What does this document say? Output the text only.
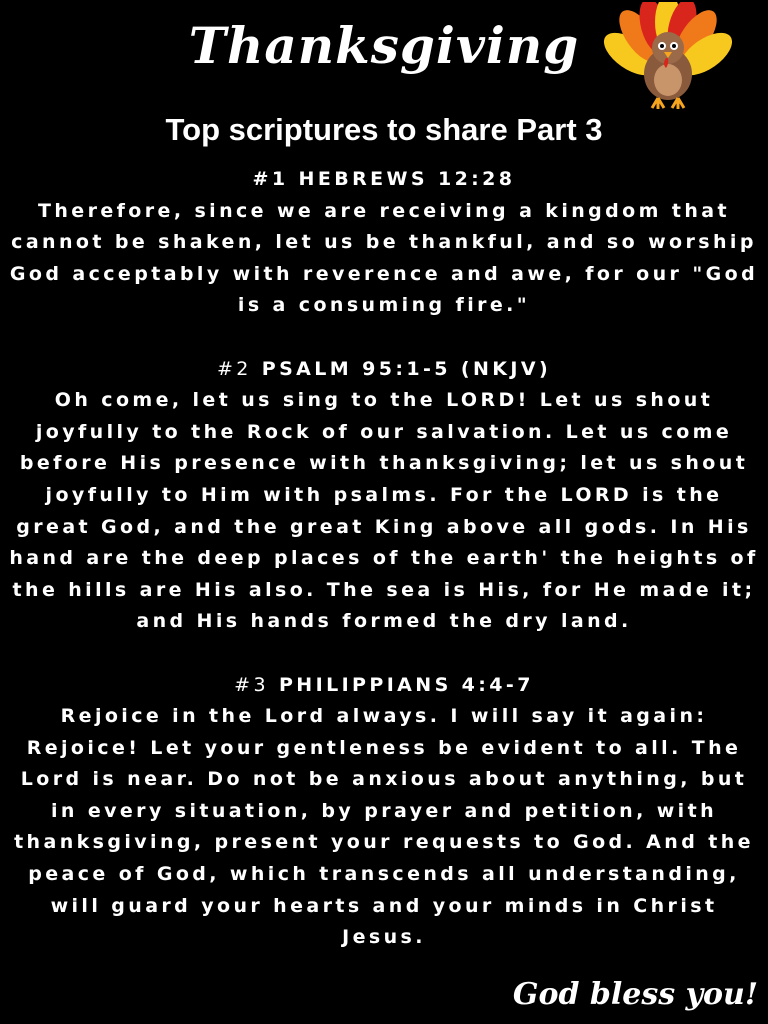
Thanksgiving
Top scriptures to share Part 3
#1 HEBREWS 12:28

Therefore, since we are receiving a kingdom that cannot be shaken, let us be thankful, and so worship God acceptably with reverence and awe, for our "God is a consuming fire."

#2 PSALM 95:1-5 (NKJV)

Oh come, let us sing to the LORD! Let us shout joyfully to the Rock of our salvation. Let us come before His presence with thanksgiving; let us shout joyfully to Him with psalms. For the LORD is the great God, and the great King above all gods. In His hand are the deep places of the earth' the heights of the hills are His also. The sea is His, for He made it; and His hands formed the dry land.

#3 PHILIPPIANS 4:4-7

Rejoice in the Lord always. I will say it again: Rejoice! Let your gentleness be evident to all. The Lord is near. Do not be anxious about anything, but in every situation, by prayer and petition, with thanksgiving, present your requests to God. And the peace of God, which transcends all understanding, will guard your hearts and your minds in Christ Jesus.

God bless you!
